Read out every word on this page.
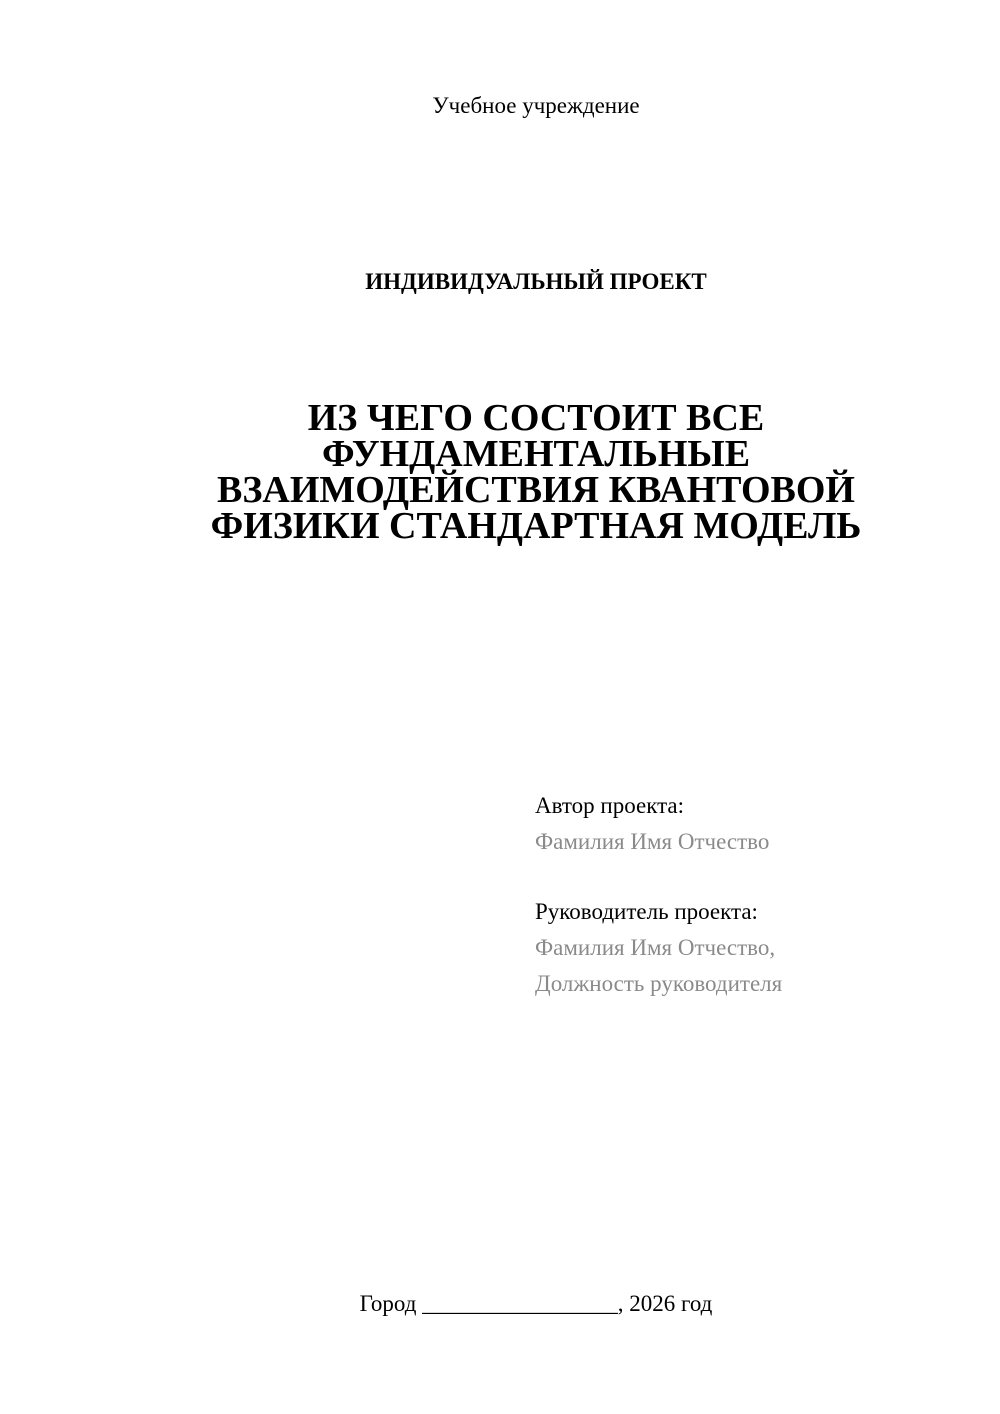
Учебное учреждение
ИНДИВИДУАЛЬНЫЙ ПРОЕКТ
ИЗ ЧЕГО СОСТОИТ ВСЕ
ФУНДАМЕНТАЛЬНЫЕ
ВЗАИМОДЕЙСТВИЯ КВАНТОВОЙ
ФИЗИКИ СТАНДАРТНАЯ МОДЕЛЬ
Автор проекта:
Фамилия Имя Отчество
Руководитель проекта:
Фамилия Имя Отчество,
Должность руководителя
Город _________________, 2026 год
